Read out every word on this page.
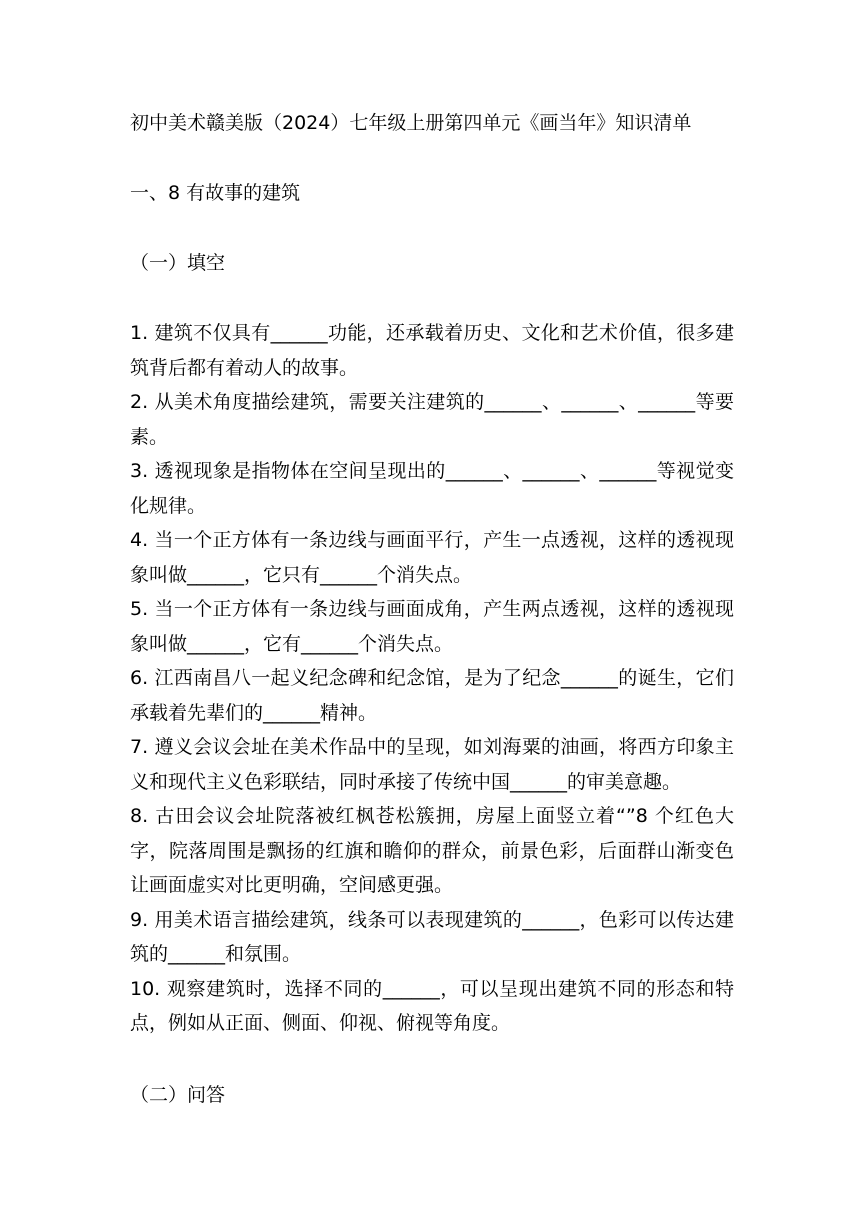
初中美术赣美版（2024）七年级上册第四单元《画当年》知识清单
一、8 有故事的建筑
（一）填空
1. 建筑不仅具有______功能，还承载着历史、文化和艺术价值，很多建筑背后都有着动人的故事。
2. 从美术角度描绘建筑，需要关注建筑的______、______、______等要素。
3. 透视现象是指物体在空间呈现出的______、______、______等视觉变化规律。
4. 当一个正方体有一条边线与画面平行，产生一点透视，这样的透视现象叫做______，它只有______个消失点。
5. 当一个正方体有一条边线与画面成角，产生两点透视，这样的透视现象叫做______，它有______个消失点。
6. 江西南昌八一起义纪念碑和纪念馆，是为了纪念______的诞生，它们承载着先辈们的______精神。
7. 遵义会议会址在美术作品中的呈现，如刘海粟的油画，将西方印象主义和现代主义色彩联结，同时承接了传统中国______的审美意趣。
8. 古田会议会址院落被红枫苍松簇拥，房屋上面竖立着“”8 个红色大字，院落周围是飘扬的红旗和瞻仰的群众，前景色彩，后面群山渐变色让画面虚实对比更明确，空间感更强。
9. 用美术语言描绘建筑，线条可以表现建筑的______，色彩可以传达建筑的______和氛围。
10. 观察建筑时，选择不同的______，可以呈现出建筑不同的形态和特点，例如从正面、侧面、仰视、俯视等角度。
（二）问答
